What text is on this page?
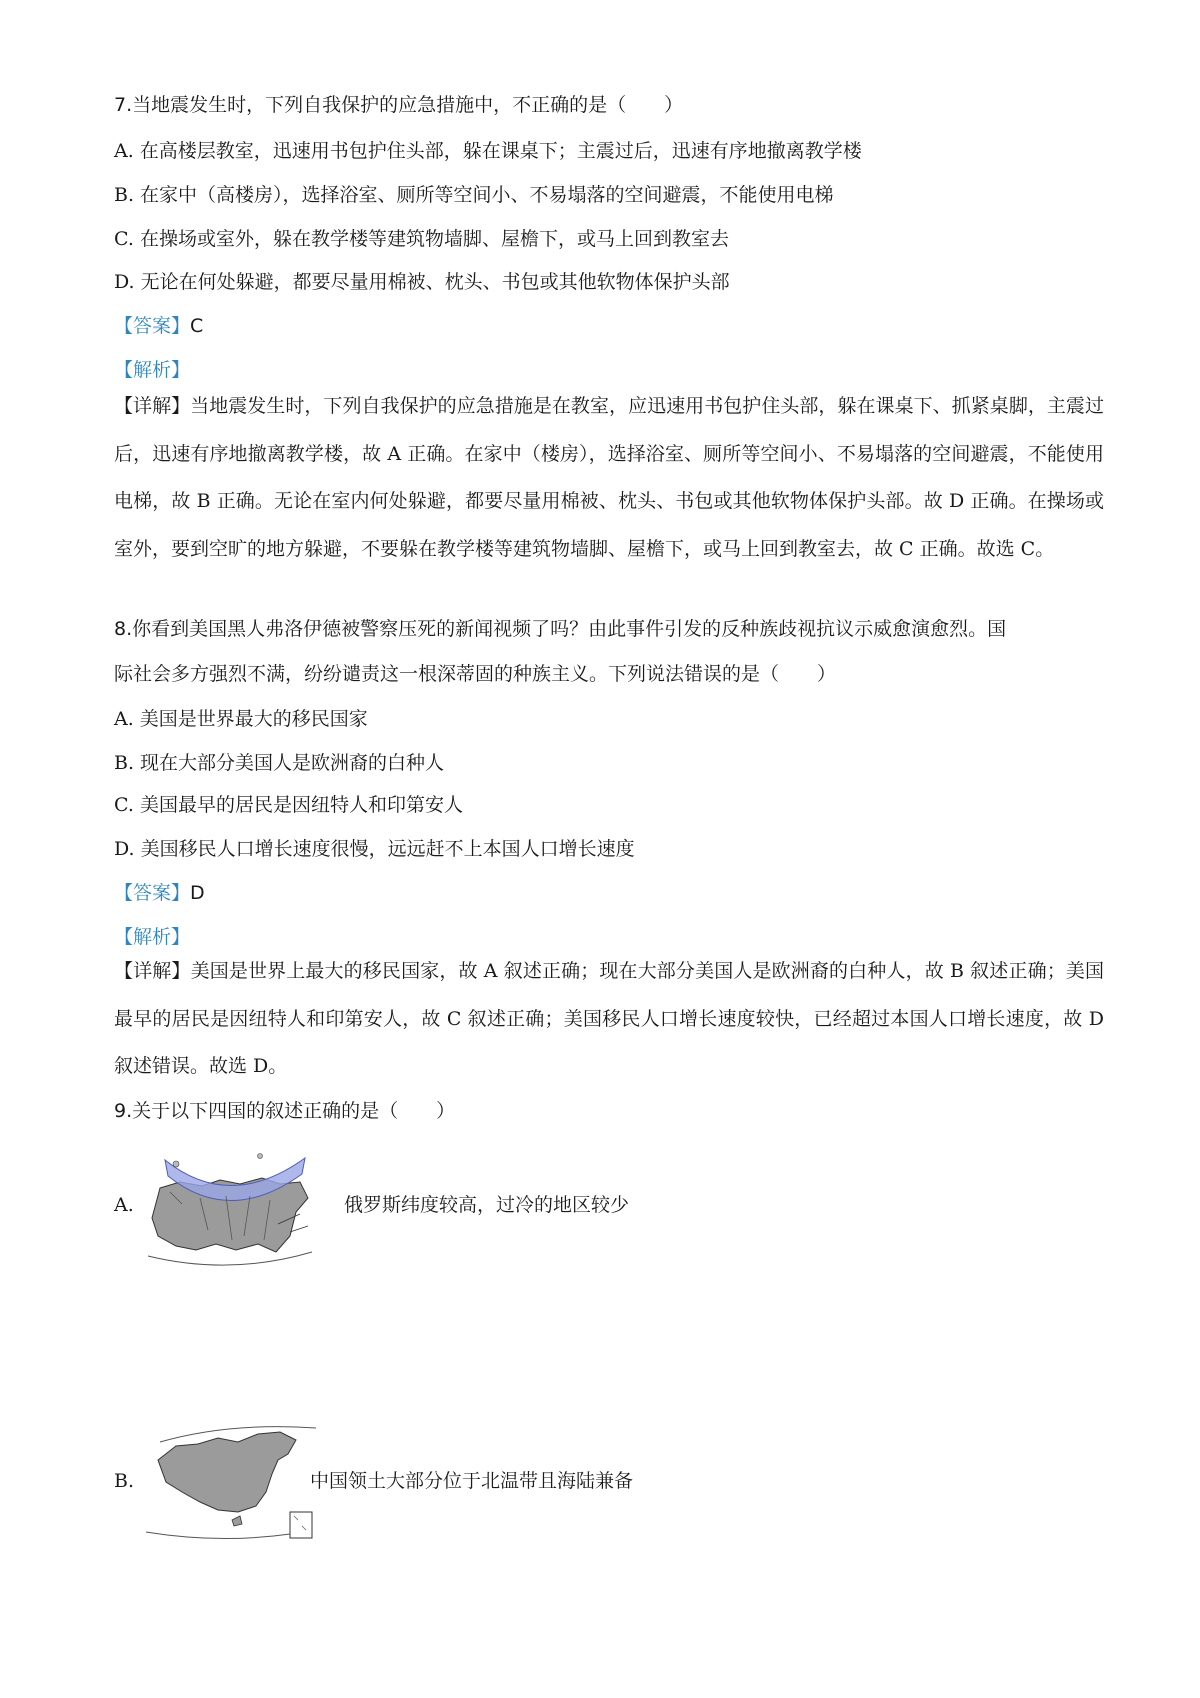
7.当地震发生时，下列自我保护的应急措施中，不正确的是（　　）
A. 在高楼层教室，迅速用书包护住头部，躲在课桌下；主震过后，迅速有序地撤离教学楼
B. 在家中（高楼房），选择浴室、厕所等空间小、不易塌落的空间避震，不能使用电梯
C. 在操场或室外，躲在教学楼等建筑物墙脚、屋檐下，或马上回到教室去
D. 无论在何处躲避，都要尽量用棉被、枕头、书包或其他软物体保护头部
【答案】C
【解析】
【详解】当地震发生时，下列自我保护的应急措施是在教室，应迅速用书包护住头部，躲在课桌下、抓紧桌脚，主震过后，迅速有序地撤离教学楼，故 A 正确。在家中（楼房），选择浴室、厕所等空间小、不易塌落的空间避震，不能使用电梯，故 B 正确。无论在室内何处躲避，都要尽量用棉被、枕头、书包或其他软物体保护头部。故 D 正确。在操场或室外，要到空旷的地方躲避，不要躲在教学楼等建筑物墙脚、屋檐下，或马上回到教室去，故 C 正确。故选 C。
8.你看到美国黑人弗洛伊德被警察压死的新闻视频了吗？由此事件引发的反种族歧视抗议示威愈演愈烈。国
际社会多方强烈不满，纷纷谴责这一根深蒂固的种族主义。下列说法错误的是（　　）
A. 美国是世界最大的移民国家
B. 现在大部分美国人是欧洲裔的白种人
C. 美国最早的居民是因纽特人和印第安人
D. 美国移民人口增长速度很慢，远远赶不上本国人口增长速度
【答案】D
【解析】
【详解】美国是世界上最大的移民国家，故 A 叙述正确；现在大部分美国人是欧洲裔的白种人，故 B 叙述正确；美国最早的居民是因纽特人和印第安人，故 C 叙述正确；美国移民人口增长速度较快，已经超过本国人口增长速度，故 D 叙述错误。故选 D。
9.关于以下四国的叙述正确的是（　　）
A.	俄罗斯纬度较高，过冷的地区较少
B.	中国领土大部分位于北温带且海陆兼备
